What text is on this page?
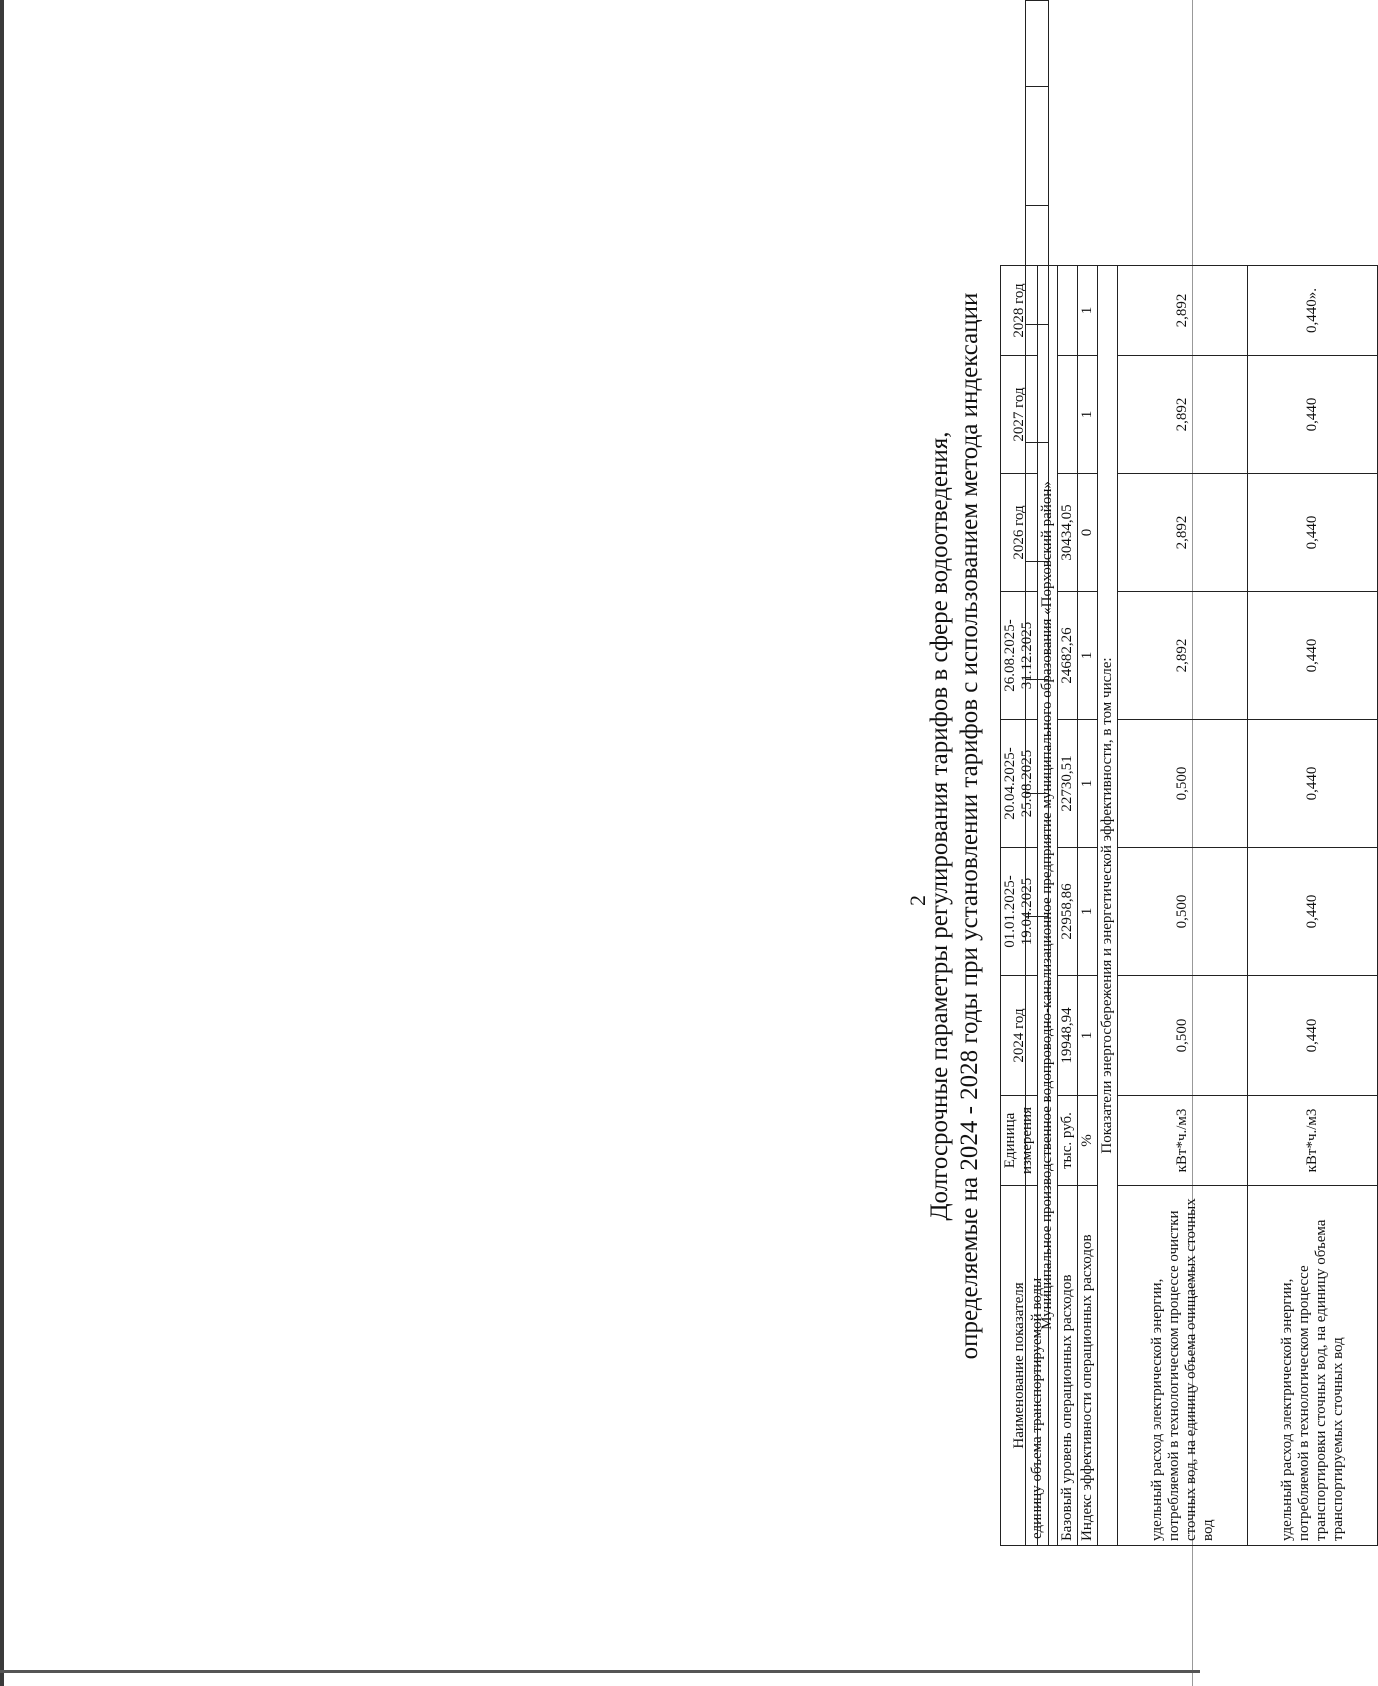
единицу объема транспортируемой воды								
2
Долгосрочные параметры регулирования тарифов в сфере водоотведения, определяемые на 2024 - 2028 годы при установлении тарифов с использованием метода индексации
Наименование показателя	Единица измерения	2024 год	01.01.2025-19.04.2025	20.04.2025-25.08.2025	26.08.2025-31.12.2025	2026 год	2027 год	2028 год
Муниципальное производственное водопроводно-канализационное предприятие муниципального образования «Порховский район»								
Базовый уровень операционных расходов	тыс. руб.	19948,94	22958,86	22730,51	24682,26	30434,05		
Индекс эффективности операционных расходов	%	1	1	1	1	0	1	1
Показатели энергосбережения и энергетической эффективности, в том числе:								
удельный расход электрической энергии, потребляемой в технологическом процессе очистки сточных вод, на единицу объема очищаемых сточных вод	кВт*ч./м3	0,500	0,500	0,500	2,892	2,892	2,892	2,892
удельный расход электрической энергии, потребляемой в технологическом процессе транспортировки сточных вод, на единицу объема транспортируемых сточных вод	кВт*ч./м3	0,440	0,440	0,440	0,440	0,440	0,440	0,440».
